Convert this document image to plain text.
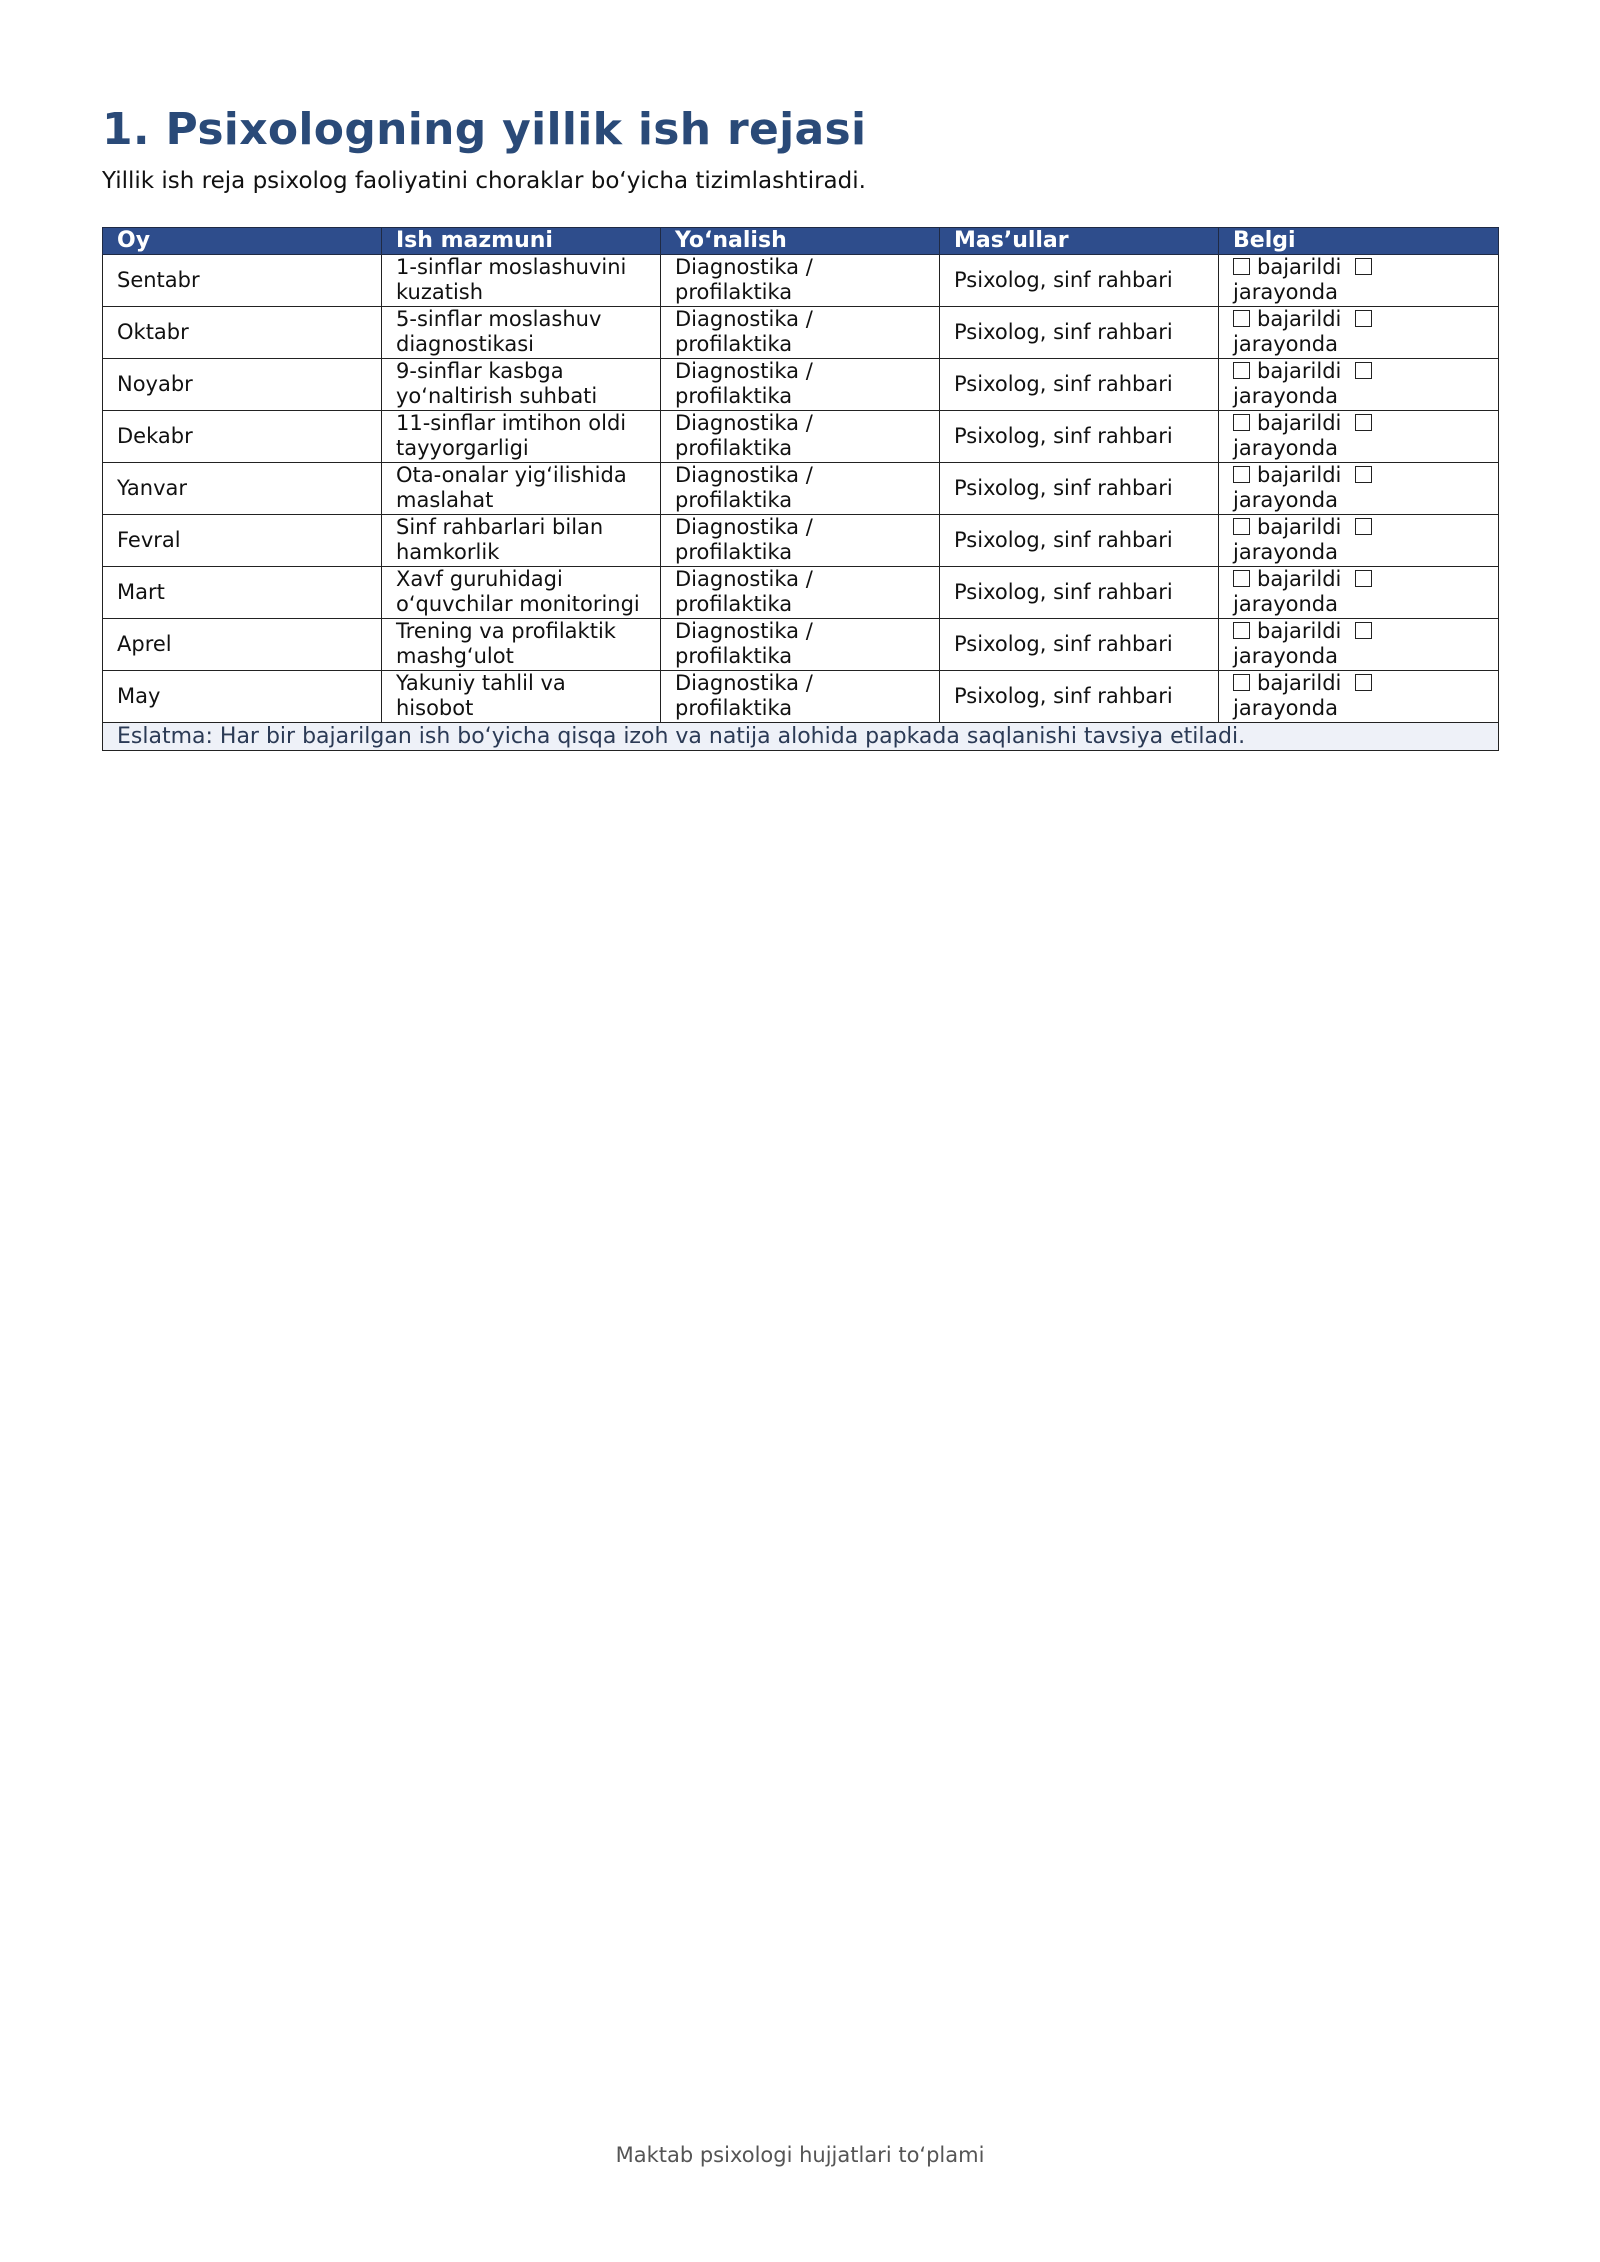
1. Psixologning yillik ish rejasi

Yillik ish reja psixolog faoliyatini choraklar bo‘yicha tizimlashtiradi.

Oy	Ish mazmuni	Yo‘nalish	Mas’ullar	Belgi
Sentabr	1-sinflar moslashuvini
kuzatish	Diagnostika /
profilaktika	Psixolog, sinf rahbari	bajarildi
jarayonda

Oktabr	5-sinflar moslashuv
diagnostikasi	Diagnostika /
profilaktika	Psixolog, sinf rahbari	bajarildi
jarayonda

Noyabr	9-sinflar kasbga
yo‘naltirish suhbati	Diagnostika /
profilaktika	Psixolog, sinf rahbari	bajarildi
jarayonda

Dekabr	11-sinflar imtihon oldi
tayyorgarligi	Diagnostika /
profilaktika	Psixolog, sinf rahbari	bajarildi
jarayonda

Yanvar	Ota-onalar yig‘ilishida
maslahat	Diagnostika /
profilaktika	Psixolog, sinf rahbari	bajarildi
jarayonda

Fevral	Sinf rahbarlari bilan
hamkorlik	Diagnostika /
profilaktika	Psixolog, sinf rahbari	bajarildi
jarayonda

Mart	Xavf guruhidagi
o‘quvchilar monitoringi	Diagnostika /
profilaktika	Psixolog, sinf rahbari	bajarildi
jarayonda

Aprel	Trening va profilaktik
mashg‘ulot	Diagnostika /
profilaktika	Psixolog, sinf rahbari	bajarildi
jarayonda

May	Yakuniy tahlil va
hisobot	Diagnostika /
profilaktika	Psixolog, sinf rahbari	bajarildi
jarayonda

Eslatma: Har bir bajarilgan ish bo‘yicha qisqa izoh va natija alohida papkada saqlanishi tavsiya etiladi.				

Maktab psixologi hujjatlari to‘plami
